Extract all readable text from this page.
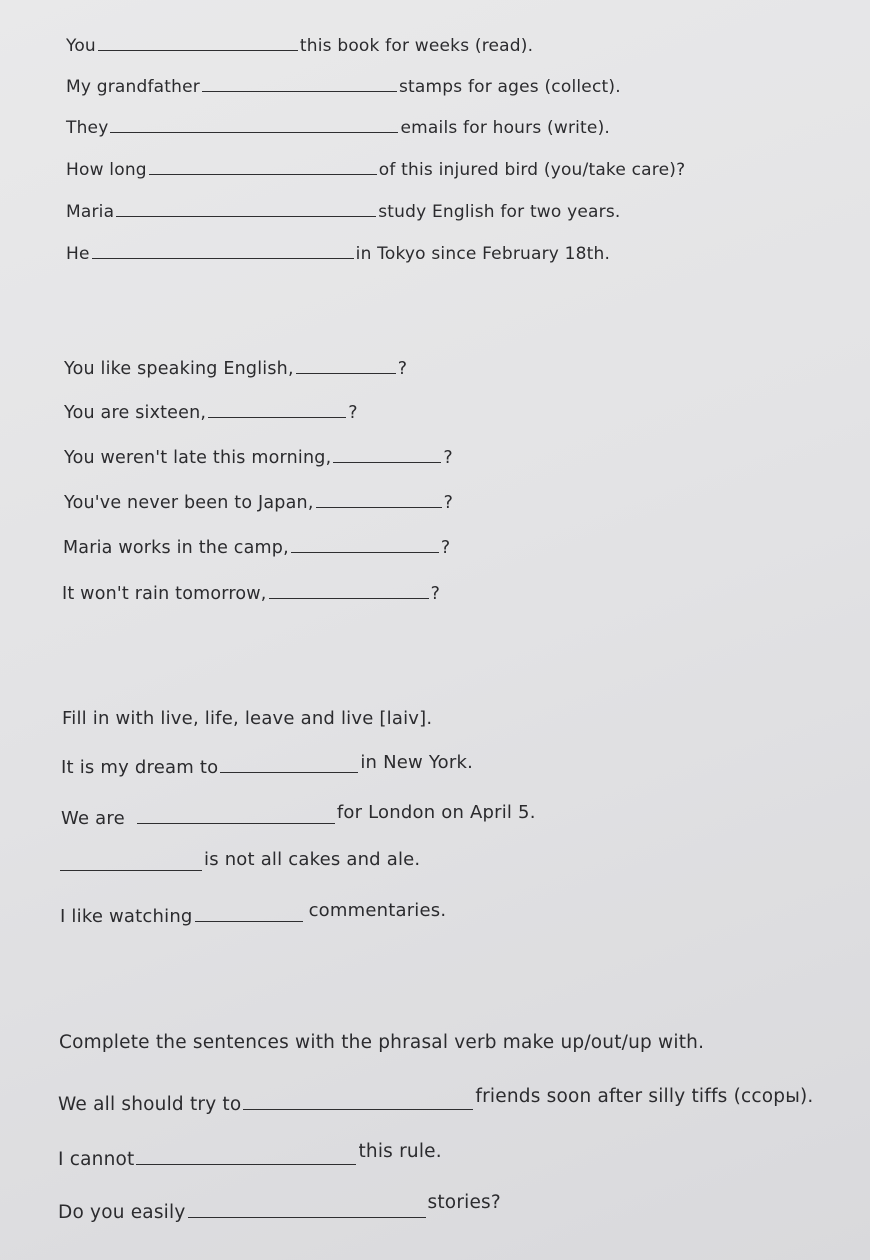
You	this book for weeks (read).
My grandfather	stamps for ages (collect).
They	emails for hours (write).
How long	of this injured bird (you/take care)?
Maria	study English for two years.
He	in Tokyo since February 18th.
You like speaking English,	?
You are sixteen,	?
You weren't late this morning,	?
You've never been to Japan,	?
Maria works in the camp,	?
It won't rain tomorrow,	?
Fill in with live, life, leave and live [laiv].
It is my dream to	in New York.
We are	for London on April 5.
is not all cakes and ale.
I like watching	commentaries.
Complete the sentences with the phrasal verb make up/out/up with.
We all should try to	friends soon after silly tiffs (ссоры).
I cannot	this rule.
Do you easily	stories?
